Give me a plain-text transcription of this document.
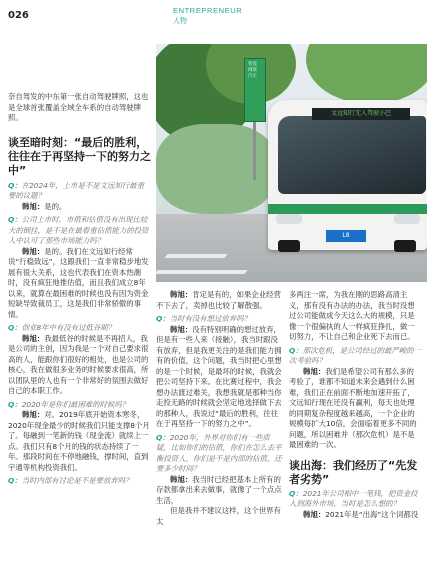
026	ENTREPRENEUR
人物
智能网联汽车
文远知行无人驾驶小巴
L8

奈自驾发的中东第一张自动驾驶牌照，这也是全球首张覆盖全域全车系的自动驾驶牌照。

谈至暗时刻：“最后的胜利，往往在于再坚持一下的努力之中”

Q：在2024年，上市是不是文远知行最重要的议题？

韩旭：是的。

Q：公司上市时，市值和估值没有出现比较大的倒挂，是不是在最看重估值能力的投资人中认可了那些市场能力吗？

韩旭：是的。我们在文远知行经常说“行稳致远”，这跟我们一直非常稳步地发展有很大关系，这也代表我们在资本热潮时，没有疯狂地推估值，而且我们成立8年以来，就算在最困难的时候也没有因为资金短缺导致裁员工，这是我们非常骄傲的事情。

Q：创业8年中有没有过低谷期？

韩旭：我最低谷的时候是不再招人，我是公司的主创，因为我是一个对自己要求很高的人，能跟你们很好的相处，也是公司的核心，我在做很多业务的时候要求很高，所以团队里的人也有一个非常好的氛围去做好自己的本职工作。

Q：2020年是你们最困难的时候吗？

韩旭：对。2019年底开始资本寒冬，2020年现金最少的时候我们只能支撑8个月了。每融到一笔新的钱（现金流）就续上一点。我们只有8个月的钱的状态持续了一年。那段时间在不停地融钱，撑时间，直到宇通等机构投资我们。

Q：当时内部有讨论是不是要放弃吗？

韩旭：肯定是有的，如果企业经营不下去了，卖掉也比较了解散强。

Q：当时有没有想过放弃吗？

韩旭：没有特别明确的想过放弃，但是有一些人来（接触），我当时跟没有放弃，但是我更关注的是我们能力拥有的价值，这个问题，我当时把心里想的是一个时候，是最坏的时候，我就会把公司坚持下来。在比赛过程中，我会想办法渡过难关，我想我就是那种当你走投无路的时候就会坚定地选择做下去的那种人，我说过“最后的胜利，往往在于再坚持一下的努力之中”。

Q：2020年，外界对你们有一些质疑，比如你们的估值，你们在怎么去平衡投资人，你们是不是内部的估值，还要多少时间？

韩旭：我当时已经把基本上所有的存款都拿出来去做事，就像了一个点点生活，

但是我并不建议这样，这个世界有太

多两注一席，为我在刚的思路高清主义，那有没有办法的办法，我当时没想过公司能做成今天这么大的规模，只是像一个很偏执的人一样疯狂挣扎，做一切努力，不让自己和企业死下去而已。

Q：那次危机，是公司经过的最严峻的一次考验吗？

韩旭：我们是希望公司有那么多的考验了，谁都不知道未来会遇到什么困难，我们正在前面不断地加速开拓了，文远知行现在还没有赢利，每天也处理的同期复杂程度越来越高，一个企业的规模每扩大10倍，会面临着更多不同的问题，所以困难并（那次危机）是不是最困难的一次。

谈出海：我们经历了“先发者劣势”

Q：2021年公司相中一笔钱，把资金投入到海外市场，当时是怎么想的？

韩旭：2021年是“出海”这个词都没
